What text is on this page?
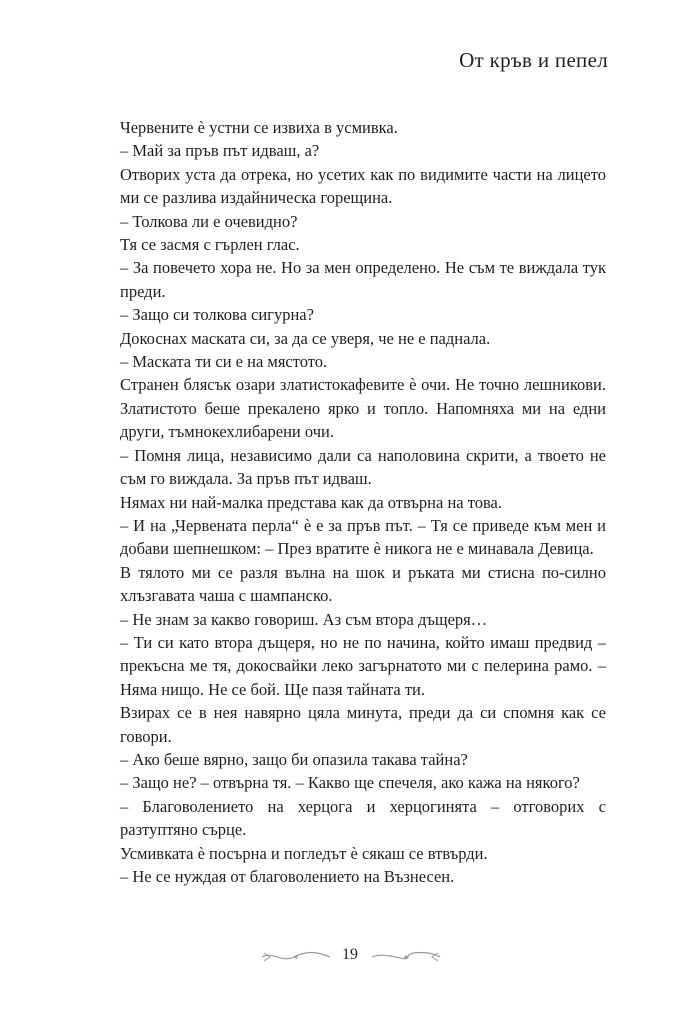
От кръв и пепел

Червените ѐ устни се извиха в усмивка.

– Май за пръв път идваш, а?

Отворих уста да отрека, но усетих как по видимите части на лицето ми се разлива издайническа горещина.

– Толкова ли е очевидно?

Тя се засмя с гърлен глас.

– За повечето хора не. Но за мен определено. Не съм те виждала тук преди.

– Защо си толкова сигурна?

Докоснах маската си, за да се уверя, че не е паднала.

– Маската ти си е на мястото.

Странен блясък озари златистокафевите ѐ очи. Не точно лешникови. Златистото беше прекалено ярко и топло. Напомняха ми на едни други, тъмнокехлибарени очи.

– Помня лица, независимо дали са наполовина скрити, а твоето не съм го виждала. За пръв път идваш.

Нямах ни най-малка представа как да отвърна на това.

– И на „Червената перла“ ѐ е за пръв път. – Тя се приведе към мен и добави шепнешком: – През вратите ѐ никога не е минавала Девица.

В тялото ми се разля вълна на шок и ръката ми стисна по-силно хлъзгавата чаша с шампанско.

– Не знам за какво говориш. Аз съм втора дъщеря…

– Ти си като втора дъщеря, но не по начина, който имаш предвид – прекъсна ме тя, докосвайки леко загърнатото ми с пелерина рамо. – Няма нищо. Не се бой. Ще пазя тайната ти.

Взирах се в нея навярно цяла минута, преди да си спомня как се говори.

– Ако беше вярно, защо би опазила такава тайна?

– Защо не? – отвърна тя. – Какво ще спечеля, ако кажа на някого?

– Благоволението на херцога и херцогинята – отговорих с разтуптяно сърце.

Усмивката ѐ посърна и погледът ѐ сякаш се втвърди.

– Не се нуждая от благоволението на Възнесен.

19
